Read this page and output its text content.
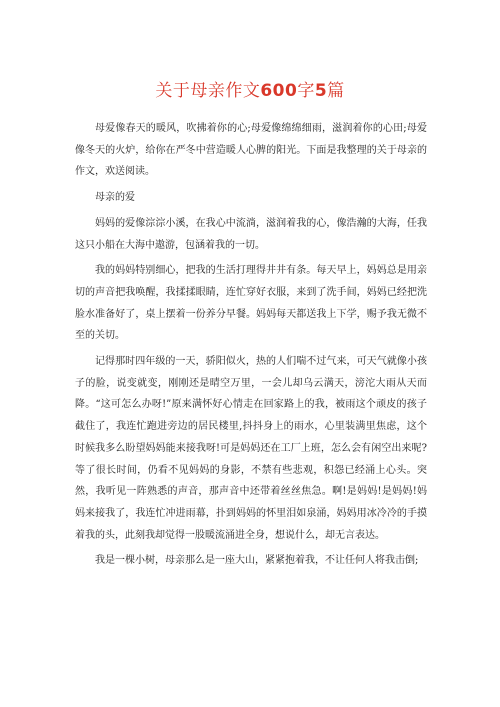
关于母亲作文600字5篇

母爱像春天的暖风，吹拂着你的心;母爱像绵绵细雨，滋润着你的心田;母爱像冬天的火炉，给你在严冬中营造暖人心脾的阳光。下面是我整理的关于母亲的作文，欢送阅读。

母亲的爱

妈妈的爱像淙淙小溪，在我心中流淌，滋润着我的心，像浩瀚的大海，任我这只小船在大海中遨游，包涵着我的一切。

我的妈妈特别细心，把我的生活打理得井井有条。每天早上，妈妈总是用亲切的声音把我唤醒，我揉揉眼睛，连忙穿好衣服，来到了洗手间，妈妈已经把洗脸水准备好了，桌上摆着一份养分早餐。妈妈每天都送我上下学，赐予我无微不至的关切。

记得那时四年级的一天，骄阳似火，热的人们喘不过气来，可天气就像小孩子的脸，说变就变，刚刚还是晴空万里，一会儿却乌云满天，滂沱大雨从天而降。“这可怎么办呀!”原来满怀好心情走在回家路上的我，被雨这个顽皮的孩子截住了，我连忙跑进旁边的居民楼里,抖抖身上的雨水，心里装满里焦虑，这个时候我多么盼望妈妈能来接我呀!可是妈妈还在工厂上班，怎么会有闲空出来呢?等了很长时间，仍看不见妈妈的身影，不禁有些悲观，积怨已经涌上心头。突然，我听见一阵熟悉的声音，那声音中还带着丝丝焦急。啊!是妈妈!是妈妈!妈妈来接我了，我连忙冲进雨幕，扑到妈妈的怀里泪如泉涌，妈妈用冰冷冷的手摸着我的头，此刻我却觉得一股暖流涌进全身，想说什么，却无言表达。

我是一棵小树，母亲那么是一座大山，紧紧抱着我，不让任何人将我击倒;
